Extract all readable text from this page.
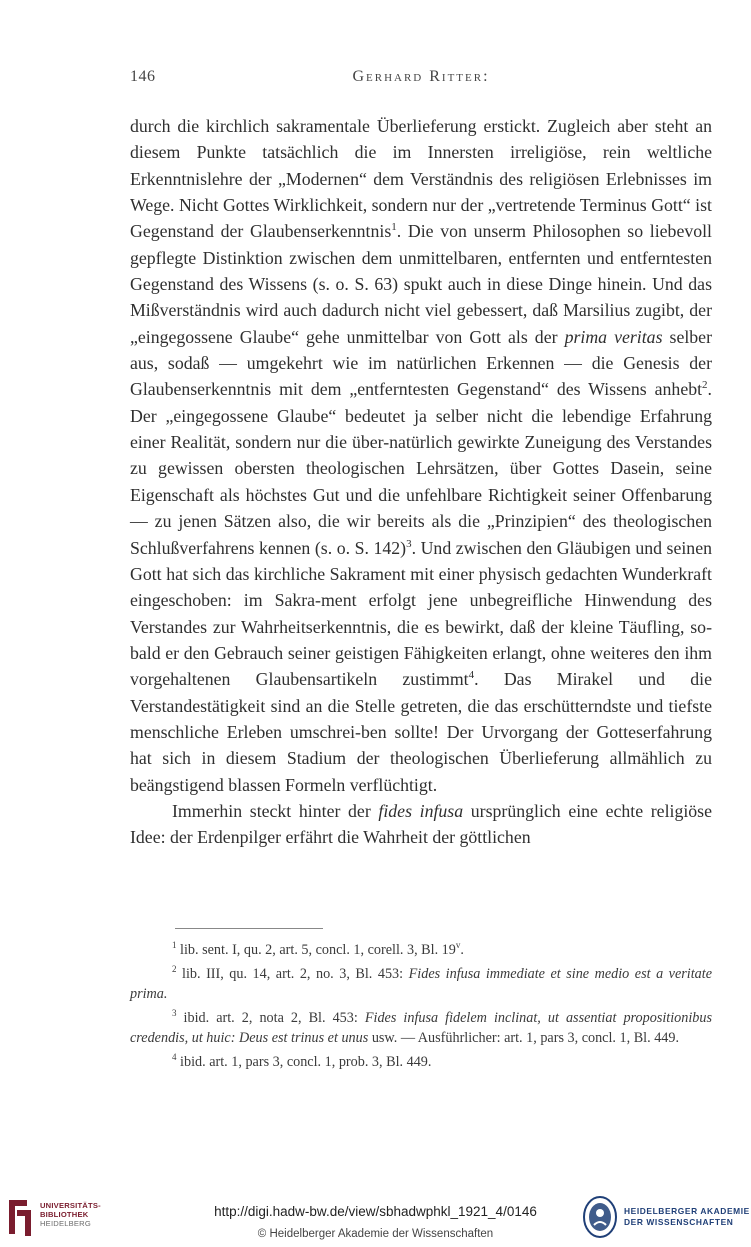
146	Gerhard Ritter:

durch die kirchlich sakramentale Überlieferung erstickt. Zugleich aber steht an diesem Punkte tatsächlich die im Innersten irreligiöse, rein weltliche Erkenntnislehre der „Modernen“ dem Verständnis des religiösen Erlebnisses im Wege. Nicht Gottes Wirklichkeit, sondern nur der „vertretende Terminus Gott“ ist Gegenstand der Glaubenserkenntnis$^1$. Die von unserm Philosophen so liebevoll gepflegte Distinktion zwischen dem unmittelbaren, entfernten und entferntesten Gegenstand des Wissens (s. o. S. 63) spukt auch in diese Dinge hinein. Und das Mißverständnis wird auch dadurch nicht viel gebessert, daß Marsilius zugibt, der „eingegossene Glaube“ gehe unmittelbar von Gott als der prima veritas selber aus, sodaß — umgekehrt wie im natürlichen Erkennen — die Genesis der Glaubenserkenntnis mit dem „entferntesten Gegenstand“ des Wissens anhebt$^2$. Der „eingegossene Glaube“ bedeutet ja selber nicht die lebendige Erfahrung einer Realität, sondern nur die über-natürlich gewirkte Zuneigung des Verstandes zu gewissen obersten theologischen Lehrsätzen, über Gottes Dasein, seine Eigenschaft als höchstes Gut und die unfehlbare Richtigkeit seiner Offenbarung — zu jenen Sätzen also, die wir bereits als die „Prinzipien“ des theologischen Schlußverfahrens kennen (s. o. S. 142)$^3$. Und zwischen den Gläubigen und seinen Gott hat sich das kirchliche Sakrament mit einer physisch gedachten Wunderkraft eingeschoben: im Sakra-ment erfolgt jene unbegreifliche Hinwendung des Verstandes zur Wahrheitserkenntnis, die es bewirkt, daß der kleine Täufling, so-bald er den Gebrauch seiner geistigen Fähigkeiten erlangt, ohne weiteres den ihm vorgehaltenen Glaubensartikeln zustimmt$^4$. Das Mirakel und die Verstandestätigkeit sind an die Stelle getreten, die das erschütterndste und tiefste menschliche Erleben umschrei-ben sollte! Der Urvorgang der Gotteserfahrung hat sich in diesem Stadium der theologischen Überlieferung allmählich zu beängstigend blassen Formeln verflüchtigt.

Immerhin steckt hinter der fides infusa ursprünglich eine echte religiöse Idee: der Erdenpilger erfährt die Wahrheit der göttlichen

$^1$ lib. sent. I, qu. 2, art. 5, concl. 1, corell. 3, Bl. 19$^v$.

$^2$ lib. III, qu. 14, art. 2, no. 3, Bl. 453: Fides infusa immediate et sine medio est a veritate prima.

$^3$ ibid. art. 2, nota 2, Bl. 453: Fides infusa fidelem inclinat, ut assentiat propositionibus credendis, ut huic: Deus est trinus et unus usw. — Ausführlicher: art. 1, pars 3, concl. 1, Bl. 449.

$^4$ ibid. art. 1, pars 3, concl. 1, prob. 3, Bl. 449.

UNIVERSITÄTS-
BIBLIOTHEK
HEIDELBERG
http://digi.hadw-bw.de/view/sbhadwphkl_1921_4/0146
© Heidelberger Akademie der Wissenschaften
HEIDELBERGER AKADEMIE
DER WISSENSCHAFTEN
